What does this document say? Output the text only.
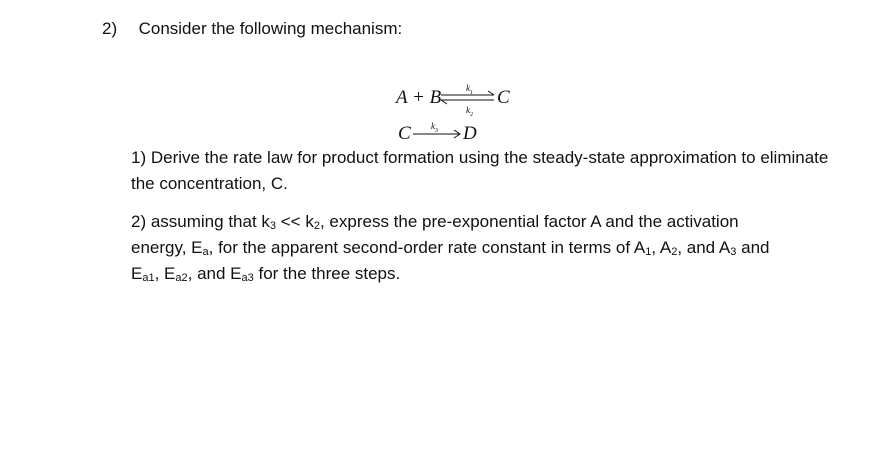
2) Consider the following mechanism:
A + B	$k_1$
$k_2$
C
C $k_3$ D
1) Derive the rate law for product formation using the steady-state approximation to eliminate the concentration, C.
2) assuming that $k_3 << k_2$, express the pre-exponential factor A and the activation
energy, $E_a$, for the apparent second-order rate constant in terms of $A_1$, $A_2$, and $A_3$ and
$E_{a1}$, $E_{a2}$, and $E_{a3}$ for the three steps.
